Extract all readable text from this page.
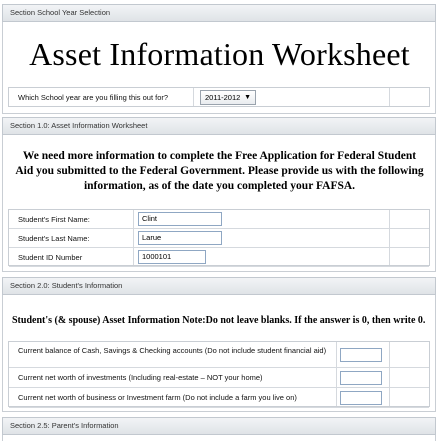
Section School Year Selection
Asset Information Worksheet
Which School year are you filling this out for?	2011-2012 ▼
Section 1.0: Asset Information Worksheet
We need more information to complete the Free Application for Federal Student Aid you submitted to the Federal Government. Please provide us with the following information, as of the date you completed your FAFSA.
Student's First Name:	Clint
Student's Last Name:	Larue
Student ID Number	1000101
Section 2.0: Student's Information
Student's (& spouse) Asset Information Note:Do not leave blanks. If the answer is 0, then write 0.
Current balance of Cash, Savings & Checking accounts (Do not include student financial aid)
Current net worth of investments (Including real-estate – NOT your home)
Current net worth of business or Investment farm (Do not include a farm you live on)
Section 2.5: Parent's Information
